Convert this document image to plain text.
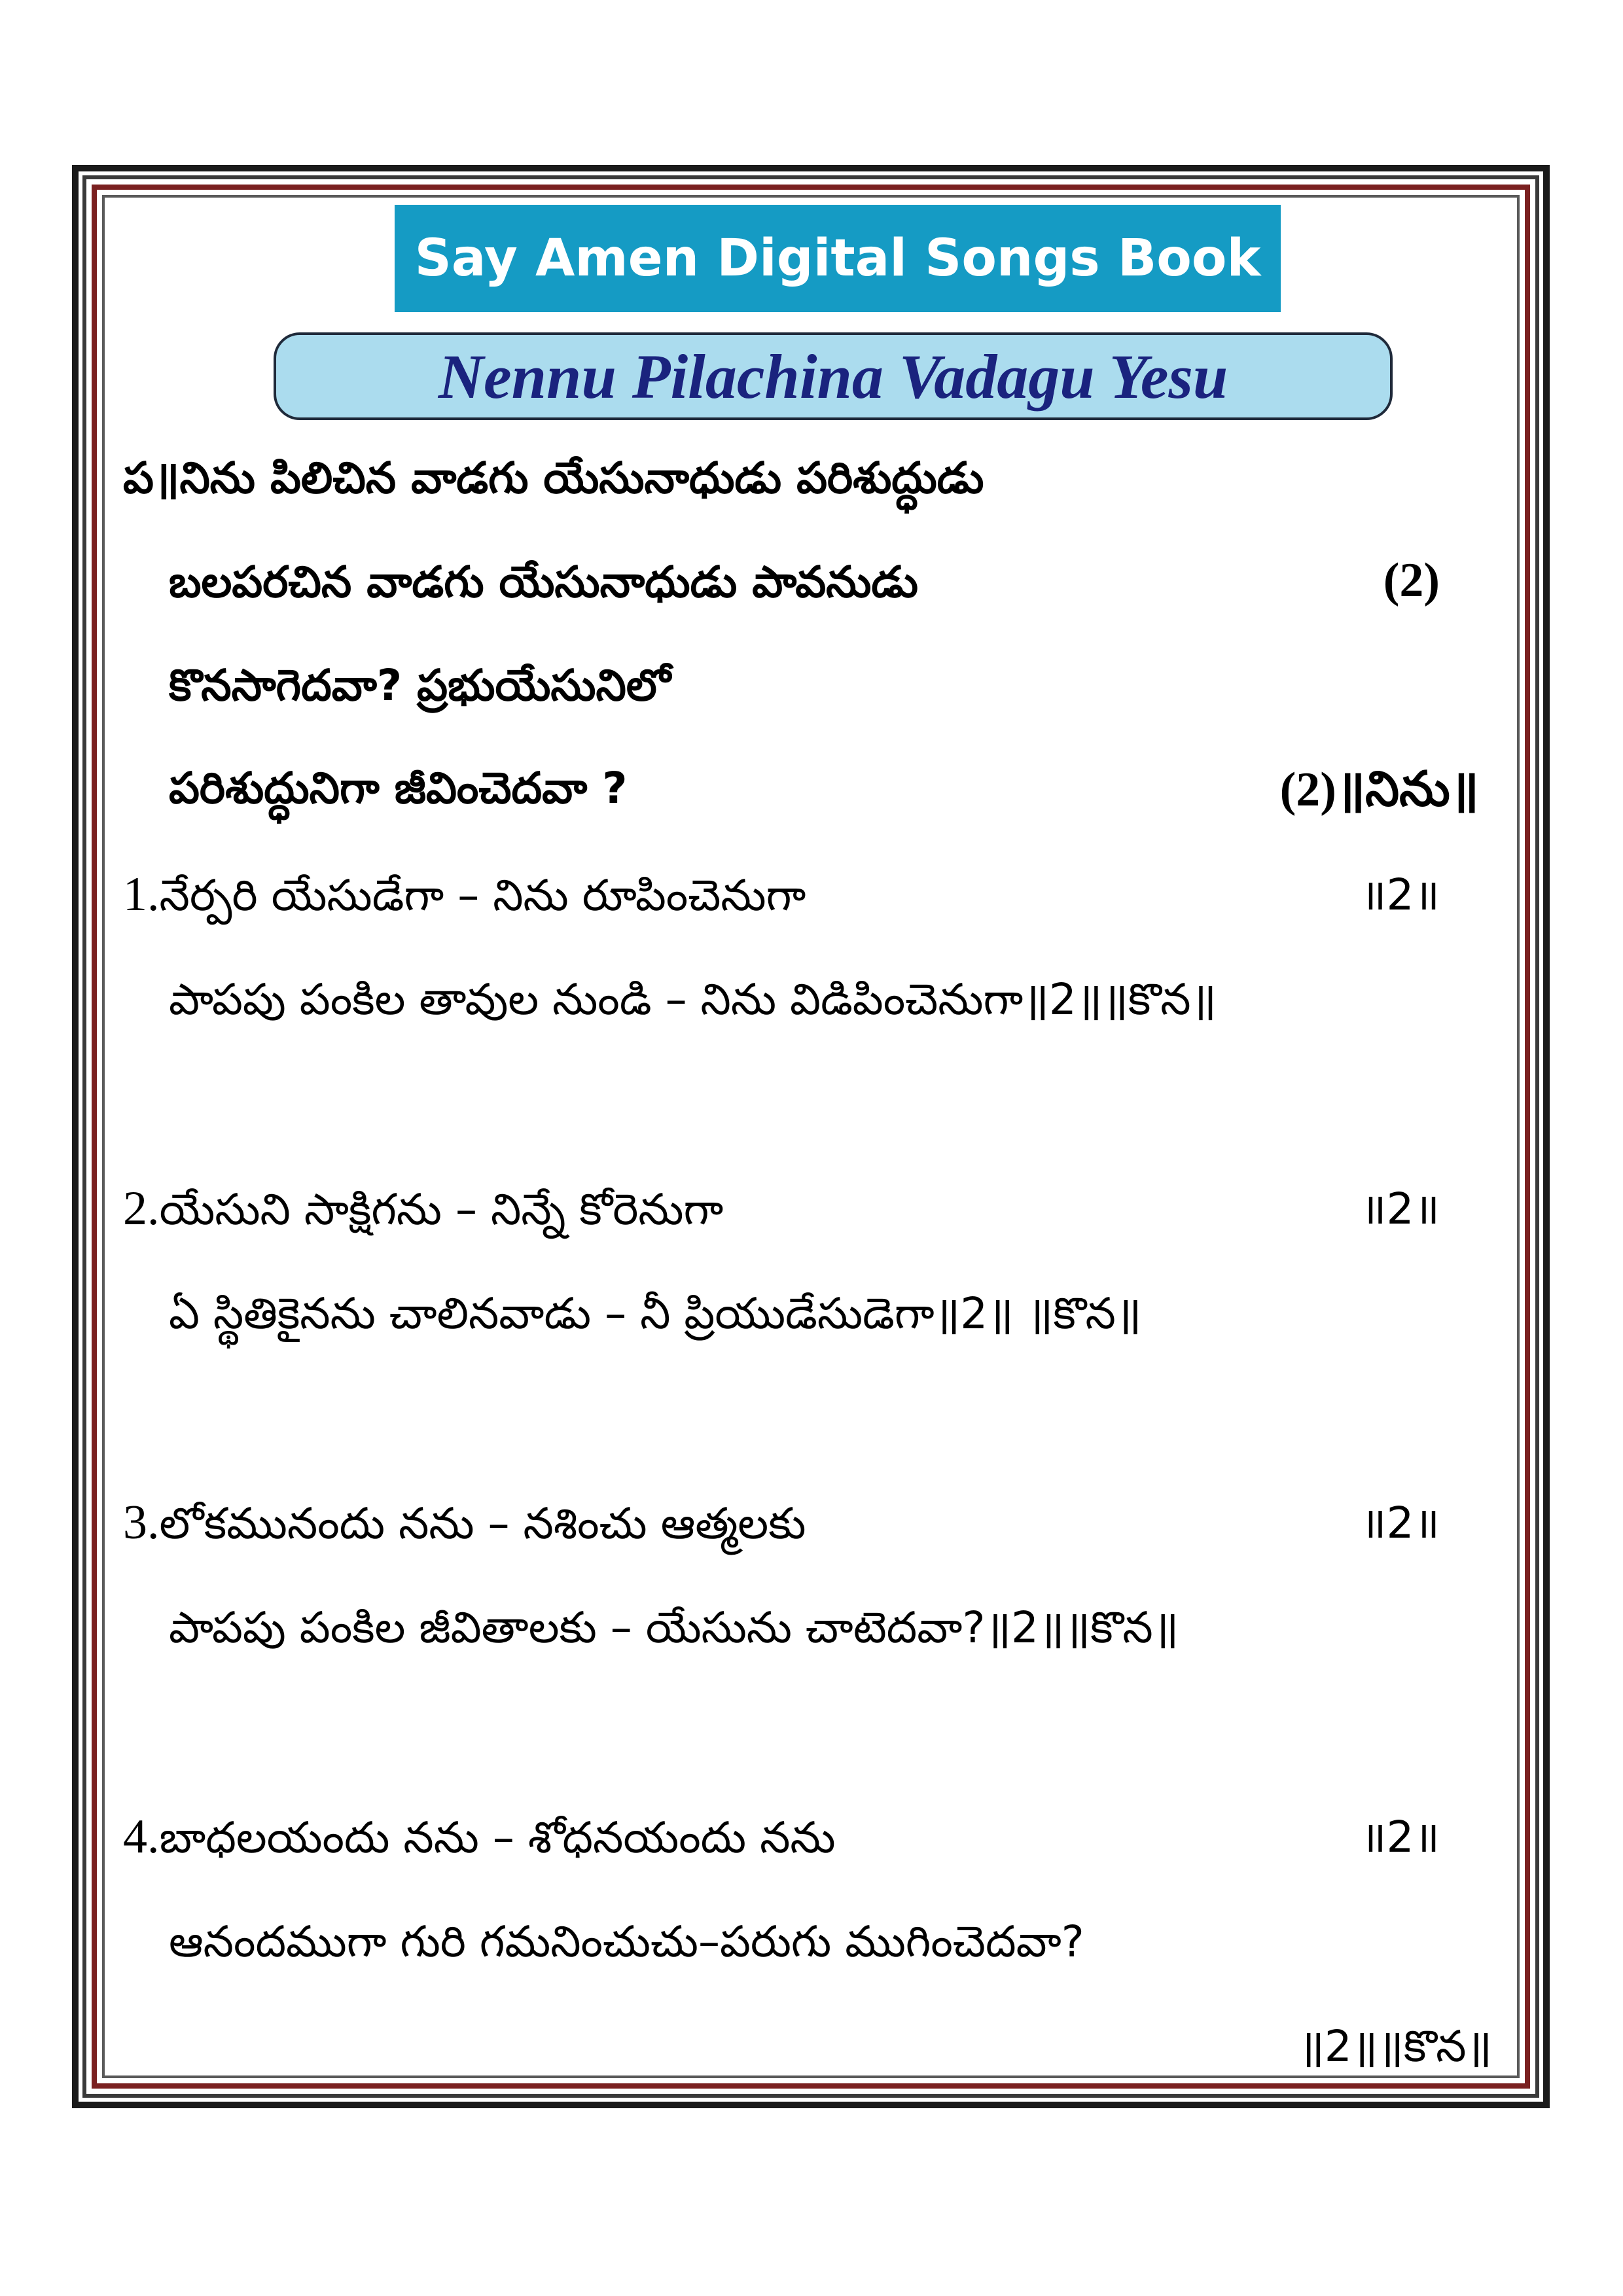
Say Amen Digital Songs Book
Nennu Pilachina Vadagu Yesu
ప॥నిను పిలిచిన వాడగు యేసునాధుడు పరిశుద్ధుడు
బలపరచిన వాడగు యేసునాధుడు పావనుడు	(2)
కొనసాగెదవా? ప్రభుయేసునిలో
పరిశుద్ధునిగా జీవించెదవా ?	(2)॥నిను॥
1.నేర్పరి యేసుడేగా – నిను రూపించెనుగా	॥2॥
పాపపు పంకిల తావుల నుండి – నిను విడిపించెనుగా॥2॥॥కొన॥
2.యేసుని సాక్షిగను – నిన్నే కోరెనుగా	॥2॥
ఏ స్థితికైనను చాలినవాడు – నీ ప్రియుడేసుడెగా॥2॥ ॥కొన॥
3.లోకమునందు నను – నశించు ఆత్మలకు	॥2॥
పాపపు పంకిల జీవితాలకు – యేసును చాటెదవా?॥2॥॥కొన॥
4.బాధలయందు నను – శోధనయందు నను	॥2॥
ఆనందముగా గురి గమనించుచు–పరుగు ముగించెదవా?
॥2॥॥కొన॥
